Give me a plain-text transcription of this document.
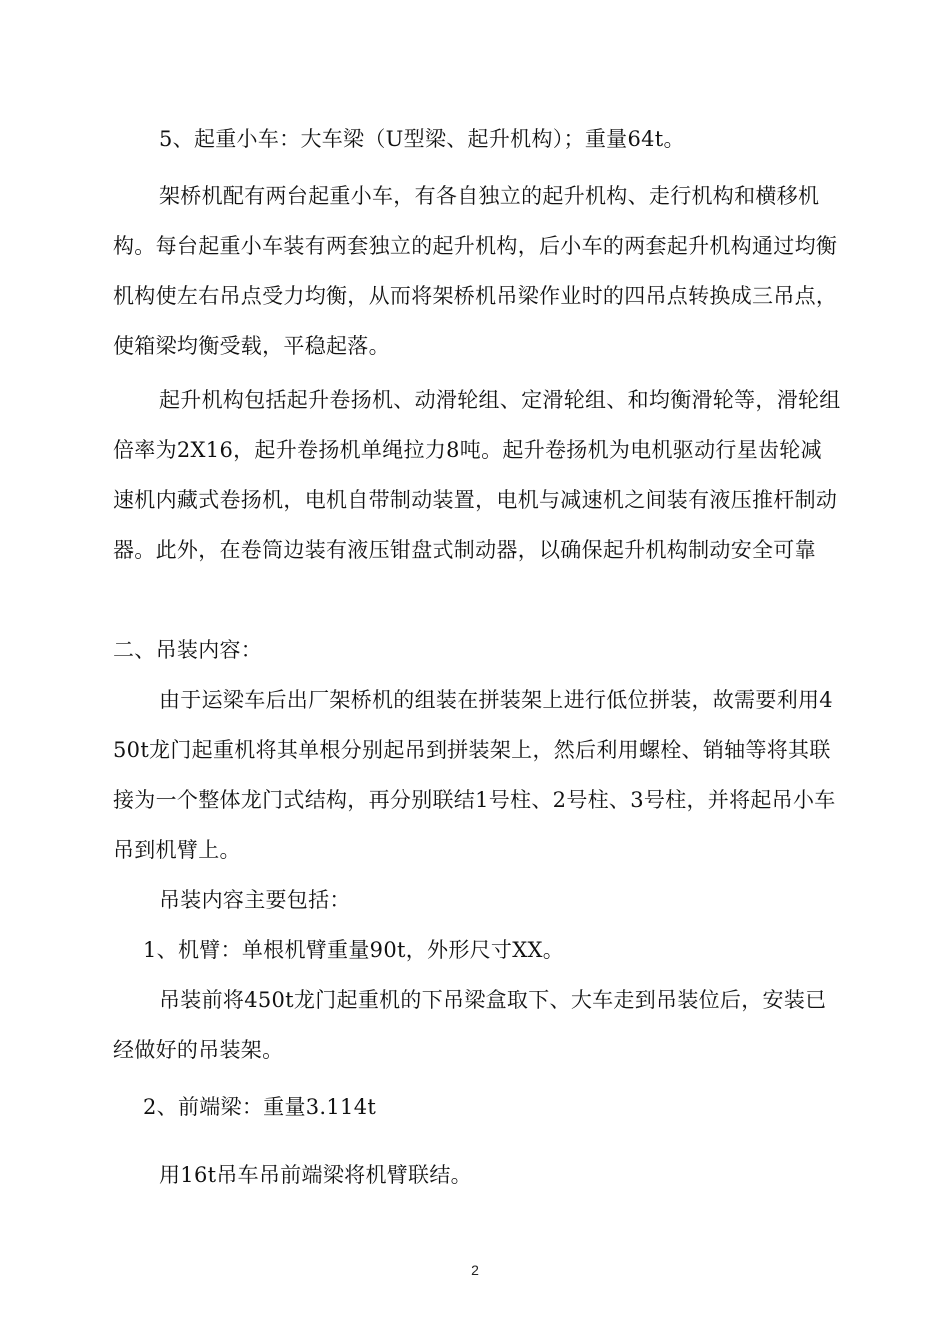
5、起重小车：大车梁（U型梁、起升机构）；重量64t。

架桥机配有两台起重小车，有各自独立的起升机构、走行机构和横移机构。每台起重小车装有两套独立的起升机构，后小车的两套起升机构通过均衡机构使左右吊点受力均衡，从而将架桥机吊梁作业时的四吊点转换成三吊点，使箱梁均衡受载，平稳起落。

起升机构包括起升卷扬机、动滑轮组、定滑轮组、和均衡滑轮等，滑轮组倍率为2X16，起升卷扬机单绳拉力8吨。起升卷扬机为电机驱动行星齿轮减速机内藏式卷扬机，电机自带制动装置，电机与减速机之间装有液压推杆制动器。此外，在卷筒边装有液压钳盘式制动器，以确保起升机构制动安全可靠

二、吊装内容：

由于运梁车后出厂架桥机的组装在拼装架上进行低位拼装，故需要利用450t龙门起重机将其单根分别起吊到拼装架上，然后利用螺栓、销轴等将其联接为一个整体龙门式结构，再分别联结1号柱、2号柱、3号柱，并将起吊小车吊到机臂上。

吊装内容主要包括：

1、机臂：单根机臂重量90t，外形尺寸XX。

吊装前将450t龙门起重机的下吊梁盒取下、大车走到吊装位后，安装已经做好的吊装架。

2、前端梁：重量3.114t

用16t吊车吊前端梁将机臂联结。

2
